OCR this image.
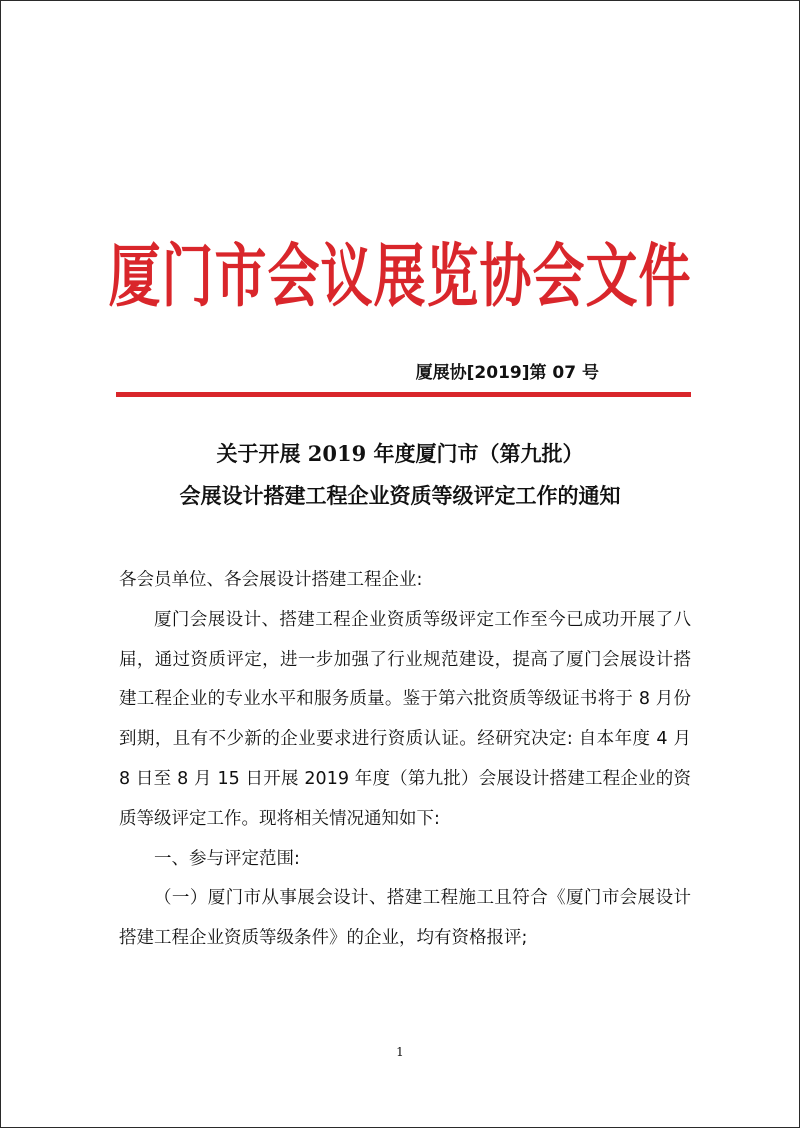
厦门市会议展览协会文件
厦展协[2019]第 07 号
关于开展 2019 年度厦门市（第九批）
会展设计搭建工程企业资质等级评定工作的通知

各会员单位、各会展设计搭建工程企业:

厦门会展设计、搭建工程企业资质等级评定工作至今已成功开展了八届，通过资质评定，进一步加强了行业规范建设，提高了厦门会展设计搭建工程企业的专业水平和服务质量。鉴于第六批资质等级证书将于 8 月份到期，且有不少新的企业要求进行资质认证。经研究决定: 自本年度 4 月 8 日至 8 月 15 日开展 2019 年度（第九批）会展设计搭建工程企业的资质等级评定工作。现将相关情况通知如下:

一、参与评定范围:

（一）厦门市从事展会设计、搭建工程施工且符合《厦门市会展设计搭建工程企业资质等级条件》的企业，均有资格报评;

1
